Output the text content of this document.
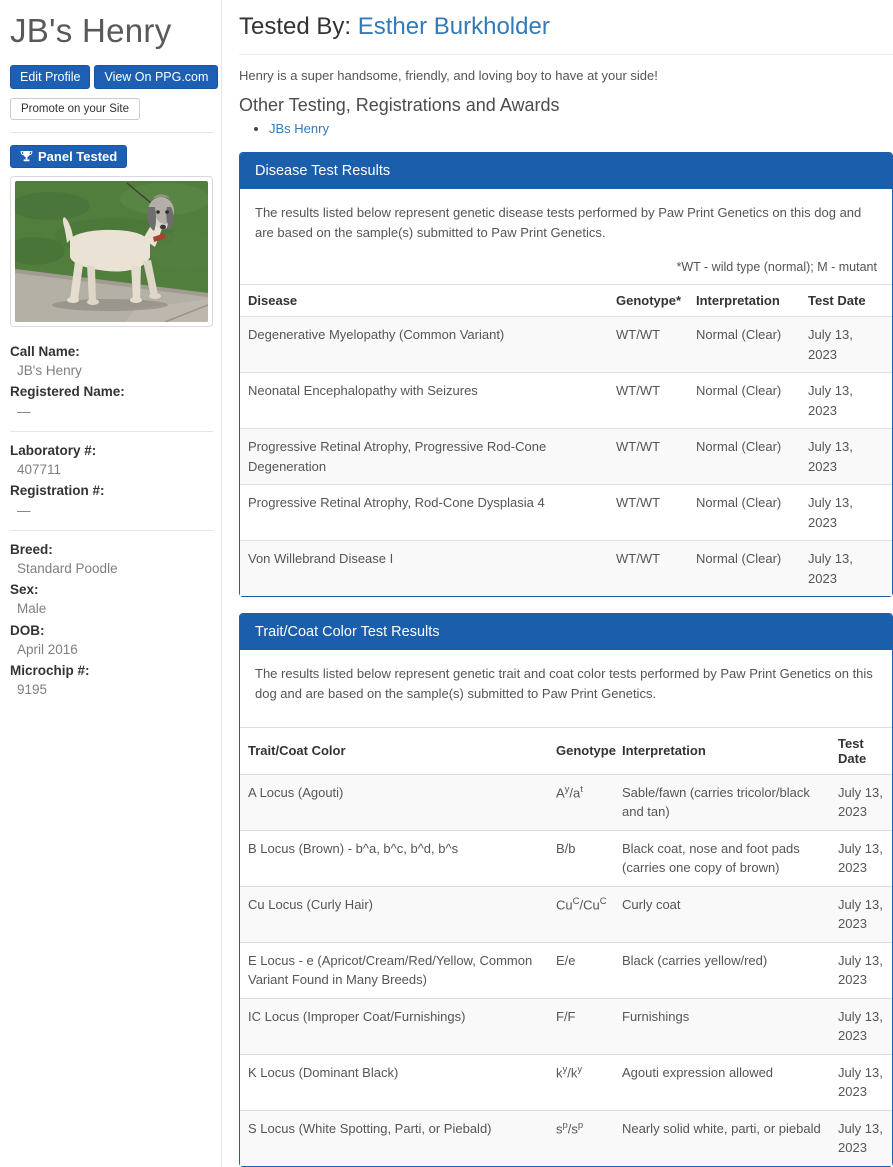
JB's Henry
Edit Profile	View On PPG.com
Promote on your Site
Panel Tested
Call Name:
JB's Henry
Registered Name:
—
Laboratory #:
407711
Registration #:
—
Breed:
Standard Poodle
Sex:
Male
DOB:
April 2016
Microchip #:
9195
Tested By: Esther Burkholder

Henry is a super handsome, friendly, and loving boy to have at your side!

Other Testing, Registrations and Awards
• JBs Henry
Disease Test Results

The results listed below represent genetic disease tests performed by Paw Print Genetics on this dog and are based on the sample(s) submitted to Paw Print Genetics.

*WT - wild type (normal); M - mutant
Disease	Genotype*	Interpretation	Test Date
Degenerative Myelopathy (Common Variant)	WT/WT	Normal (Clear)	July 13, 2023
Neonatal Encephalopathy with Seizures	WT/WT	Normal (Clear)	July 13, 2023
Progressive Retinal Atrophy, Progressive Rod-Cone Degeneration	WT/WT	Normal (Clear)	July 13, 2023
Progressive Retinal Atrophy, Rod-Cone Dysplasia 4	WT/WT	Normal (Clear)	July 13, 2023
Von Willebrand Disease I	WT/WT	Normal (Clear)	July 13, 2023
Trait/Coat Color Test Results

The results listed below represent genetic trait and coat color tests performed by Paw Print Genetics on this dog and are based on the sample(s) submitted to Paw Print Genetics.

Trait/Coat Color	Genotype	Interpretation	Test Date
A Locus (Agouti)	$A^y/a^t$	Sable/fawn (carries tricolor/black and tan)	July 13, 2023
B Locus (Brown) - b^a, b^c, b^d, b^s	B/b	Black coat, nose and foot pads (carries one copy of brown)	July 13, 2023
Cu Locus (Curly Hair)	$Cu^C/Cu^C$	Curly coat	July 13, 2023
E Locus - e (Apricot/Cream/Red/Yellow, Common Variant Found in Many Breeds)	E/e	Black (carries yellow/red)	July 13, 2023
IC Locus (Improper Coat/Furnishings)	F/F	Furnishings	July 13, 2023
K Locus (Dominant Black)	$k^y/k^y$	Agouti expression allowed	July 13, 2023
S Locus (White Spotting, Parti, or Piebald)	$s^p/s^p$	Nearly solid white, parti, or piebald	July 13, 2023
